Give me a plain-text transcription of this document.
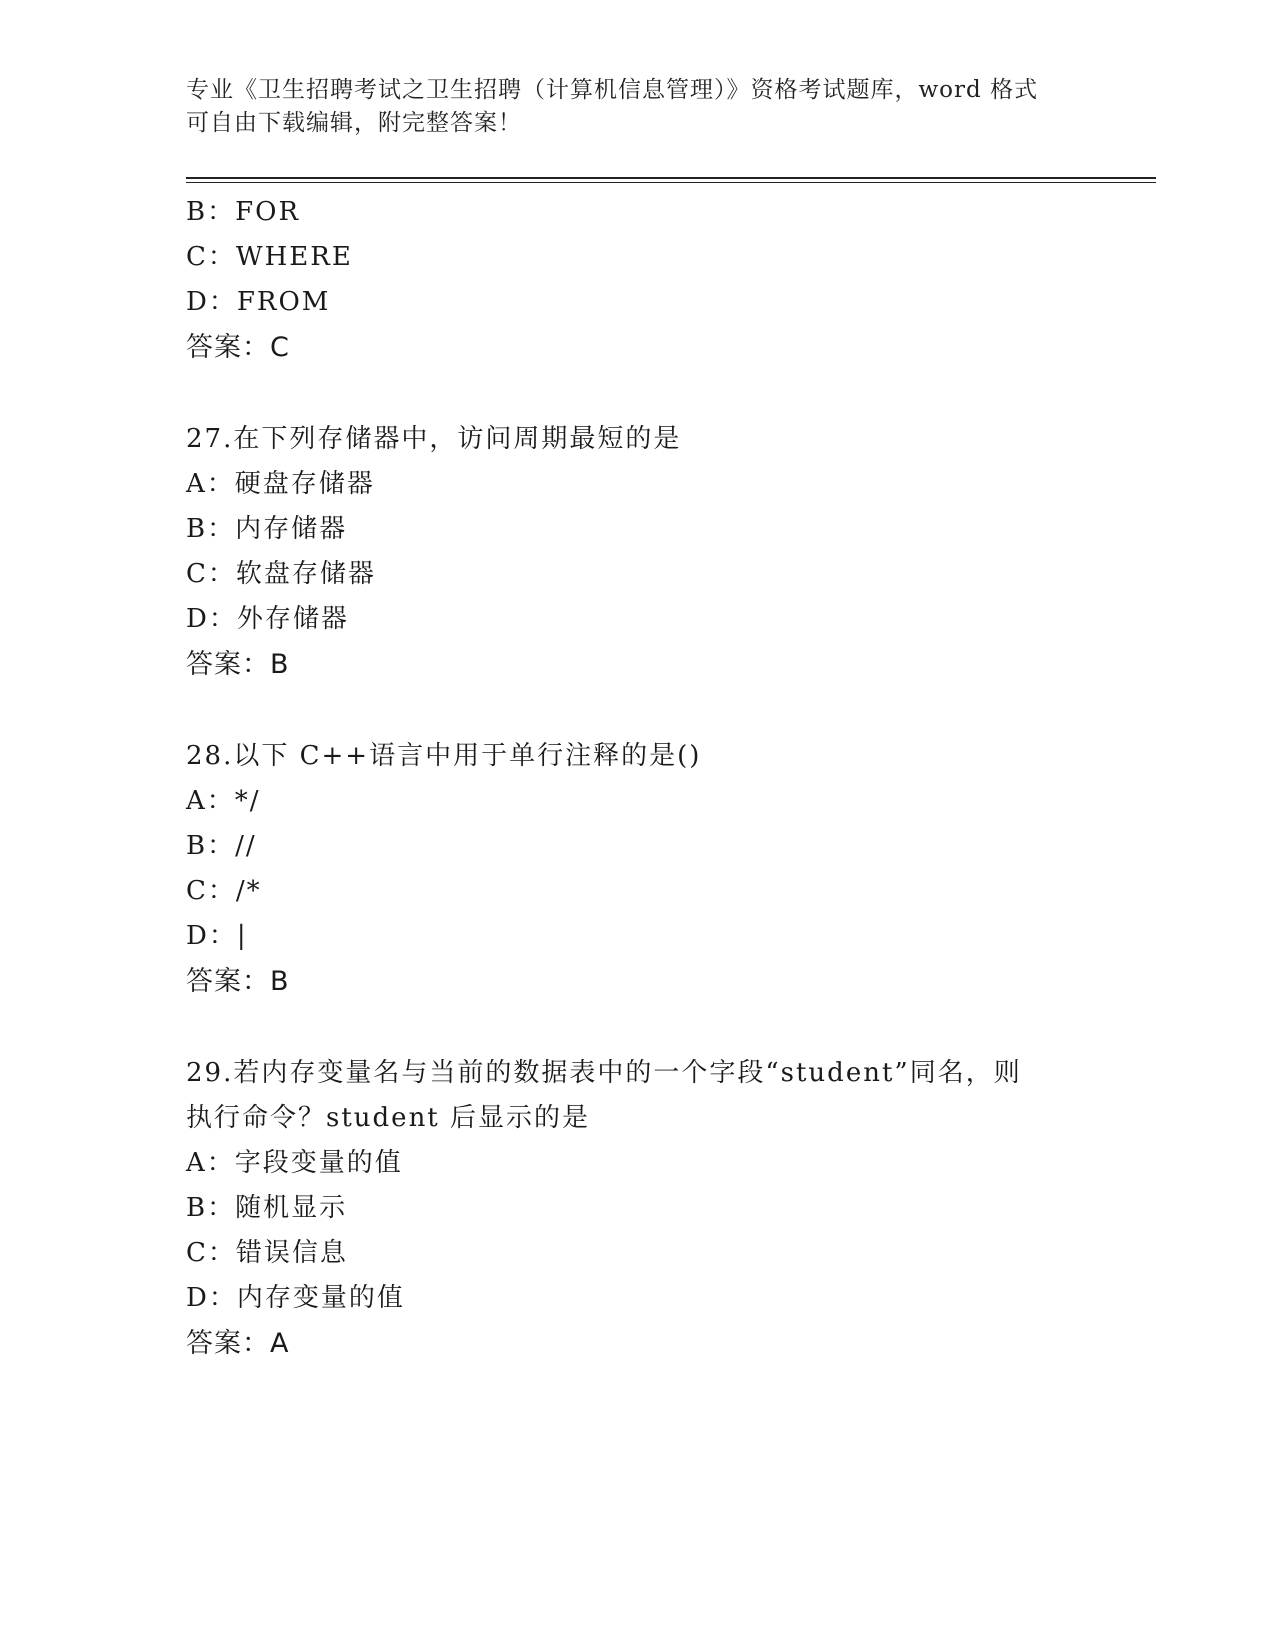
专业《卫生招聘考试之卫生招聘（计算机信息管理）》资格考试题库，word 格式
可自由下载编辑，附完整答案！
B：FOR
C：WHERE
D：FROM
答案：C
27.在下列存储器中，访问周期最短的是
A：硬盘存储器
B：内存储器
C：软盘存储器
D：外存储器
答案：B
28.以下 C++语言中用于单行注释的是()
A：*/
B：//
C：/*
D：|
答案：B
29.若内存变量名与当前的数据表中的一个字段“student”同名，则
执行命令？student 后显示的是
A：字段变量的值
B：随机显示
C：错误信息
D：内存变量的值
答案：A
